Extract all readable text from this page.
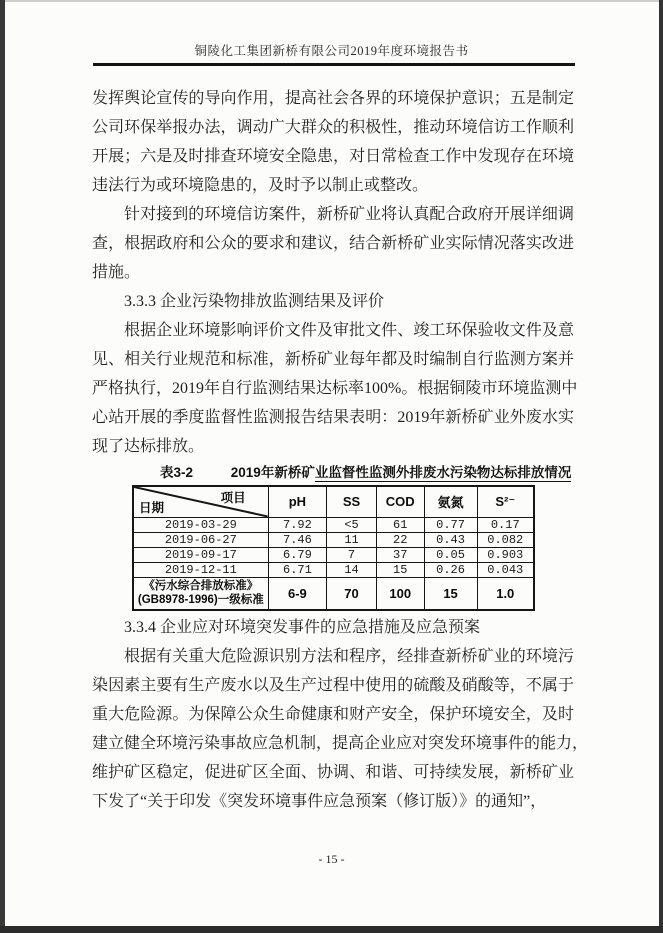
铜陵化工集团新桥有限公司2019年度环境报告书
发挥舆论宣传的导向作用，提高社会各界的环境保护意识；五是制定
公司环保举报办法，调动广大群众的积极性，推动环境信访工作顺利
开展；六是及时排查环境安全隐患，对日常检查工作中发现存在环境
违法行为或环境隐患的，及时予以制止或整改。
针对接到的环境信访案件，新桥矿业将认真配合政府开展详细调
查，根据政府和公众的要求和建议，结合新桥矿业实际情况落实改进
措施。
3.3.3 企业污染物排放监测结果及评价
根据企业环境影响评价文件及审批文件、竣工环保验收文件及意
见、相关行业规范和标准，新桥矿业每年都及时编制自行监测方案并
严格执行，2019年自行监测结果达标率100%。根据铜陵市环境监测中
心站开展的季度监督性监测报告结果表明：2019年新桥矿业外废水实
现了达标排放。
表3-2	2019年新桥矿业监督性监测外排废水污染物达标排放情况
项目
日期	pH	SS	COD	氨氮	S²⁻
2019-03-29	7.92	<5	61	0.77	0.17
2019-06-27	7.46	11	22	0.43	0.082
2019-09-17	6.79	7	37	0.05	0.903
2019-12-11	6.71	14	15	0.26	0.043

《污水综合排放标准》
(GB8978-1996)一级标准	6-9	70	100	15	1.0
3.3.4 企业应对环境突发事件的应急措施及应急预案
根据有关重大危险源识别方法和程序，经排查新桥矿业的环境污
染因素主要有生产废水以及生产过程中使用的硫酸及硝酸等，不属于
重大危险源。为保障公众生命健康和财产安全，保护环境安全，及时
建立健全环境污染事故应急机制，提高企业应对突发环境事件的能力，
维护矿区稳定，促进矿区全面、协调、和谐、可持续发展，新桥矿业
下发了“关于印发《突发环境事件应急预案（修订版）》的通知”，
- 15 -
